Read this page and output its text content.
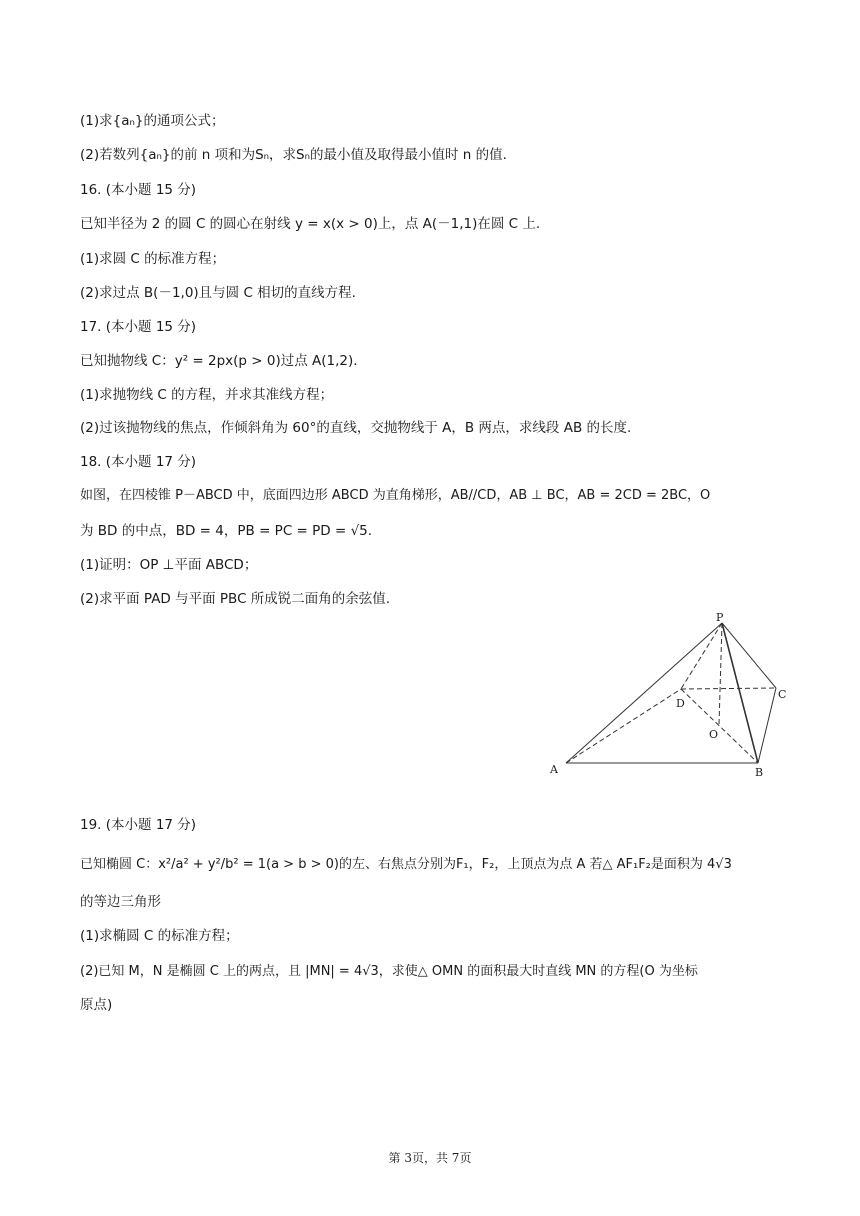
(1)求{aₙ}的通项公式；
(2)若数列{aₙ}的前 n 项和为Sₙ，求Sₙ的最小值及取得最小值时 n 的值.
16. (本小题 15 分)
已知半径为 2 的圆 C 的圆心在射线 y = x(x > 0)上，点 A(－1,1)在圆 C 上.
(1)求圆 C 的标准方程；
(2)求过点 B(－1,0)且与圆 C 相切的直线方程.
17. (本小题 15 分)
已知抛物线 C：y² = 2px(p > 0)过点 A(1,2).
(1)求抛物线 C 的方程，并求其准线方程；
(2)过该抛物线的焦点，作倾斜角为 60°的直线，交抛物线于 A，B 两点，求线段 AB 的长度.
18. (本小题 17 分)
如图，在四棱锥 P－ABCD 中，底面四边形 ABCD 为直角梯形，AB//CD，AB ⊥ BC，AB = 2CD = 2BC，O
为 BD 的中点，BD = 4，PB = PC = PD = √5.
(1)证明：OP ⊥平面 ABCD；
(2)求平面 PAD 与平面 PBC 所成锐二面角的余弦值.
P
A	B
C
D
O
19. (本小题 17 分)
已知椭圆 C：x²/a² + y²/b² = 1(a > b > 0)的左、右焦点分别为F₁，F₂，上顶点为点 A 若△ AF₁F₂是面积为 4√3
的等边三角形
(1)求椭圆 C 的标准方程；
(2)已知 M，N 是椭圆 C 上的两点，且 |MN| = 4√3，求使△ OMN 的面积最大时直线 MN 的方程(O 为坐标
原点)
第 3页，共 7页
